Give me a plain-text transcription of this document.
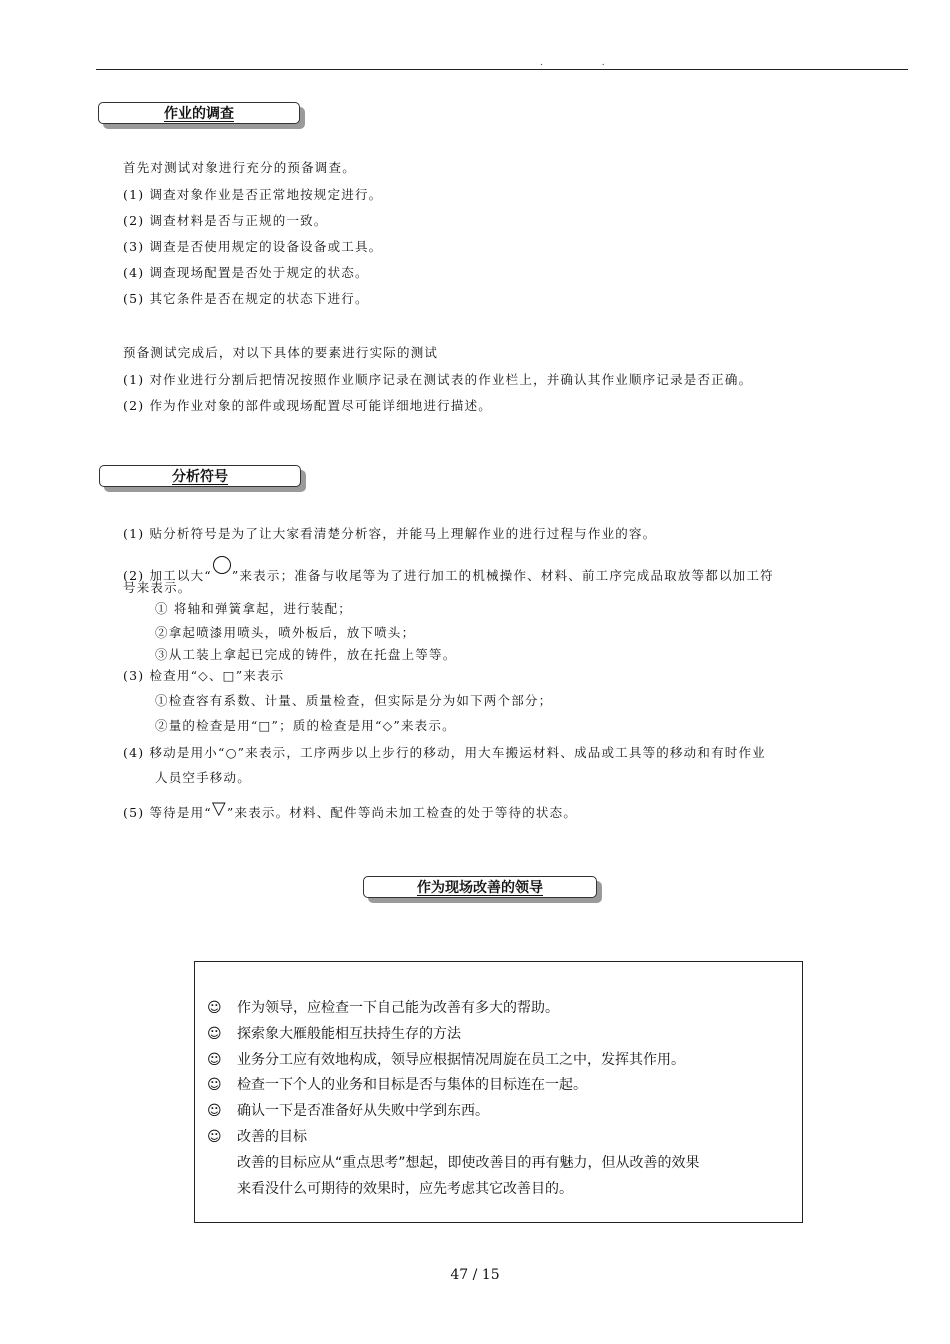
. .
作业的调查
首先对测试对象进行充分的预备调查。
(1) 调查对象作业是否正常地按规定进行。
(2) 调查材料是否与正规的一致。
(3) 调查是否使用规定的设备设备或工具。
(4) 调查现场配置是否处于规定的状态。
(5) 其它条件是否在规定的状态下进行。
预备测试完成后，对以下具体的要素进行实际的测试
(1) 对作业进行分割后把情况按照作业顺序记录在测试表的作业栏上，并确认其作业顺序记录是否正确。
(2) 作为作业对象的部件或现场配置尽可能详细地进行描述。
分析符号
(1) 贴分析符号是为了让大家看清楚分析容，并能马上理解作业的进行过程与作业的容。
(2) 加工以大“ ”来表示；准备与收尾等为了进行加工的机械操作、材料、前工序完成品取放等都以加工符
号来表示。
① 将轴和弹簧拿起，进行装配；
②拿起喷漆用喷头，喷外板后，放下喷头；
③从工装上拿起已完成的铸件，放在托盘上等等。
(3) 检查用“◇、□”来表示
①检查容有系数、计量、质量检查，但实际是分为如下两个部分；
②量的检查是用“□”；质的检查是用“◇”来表示。
(4) 移动是用小“○”来表示，工序两步以上步行的移动，用大车搬运材料、成品或工具等的移动和有时作业
人员空手移动。
(5) 等待是用“▽”来表示。材料、配件等尚未加工检查的处于等待的状态。
作为现场改善的领导
☺ 作为领导，应检查一下自己能为改善有多大的帮助。
☺ 探索象大雁般能相互扶持生存的方法
☺ 业务分工应有效地构成，领导应根据情况周旋在员工之中，发挥其作用。
☺ 检查一下个人的业务和目标是否与集体的目标连在一起。
☺ 确认一下是否准备好从失败中学到东西。
☺ 改善的目标
改善的目标应从“重点思考”想起，即使改善目的再有魅力，但从改善的效果
来看没什么可期待的效果时，应先考虑其它改善目的。
47 / 15
